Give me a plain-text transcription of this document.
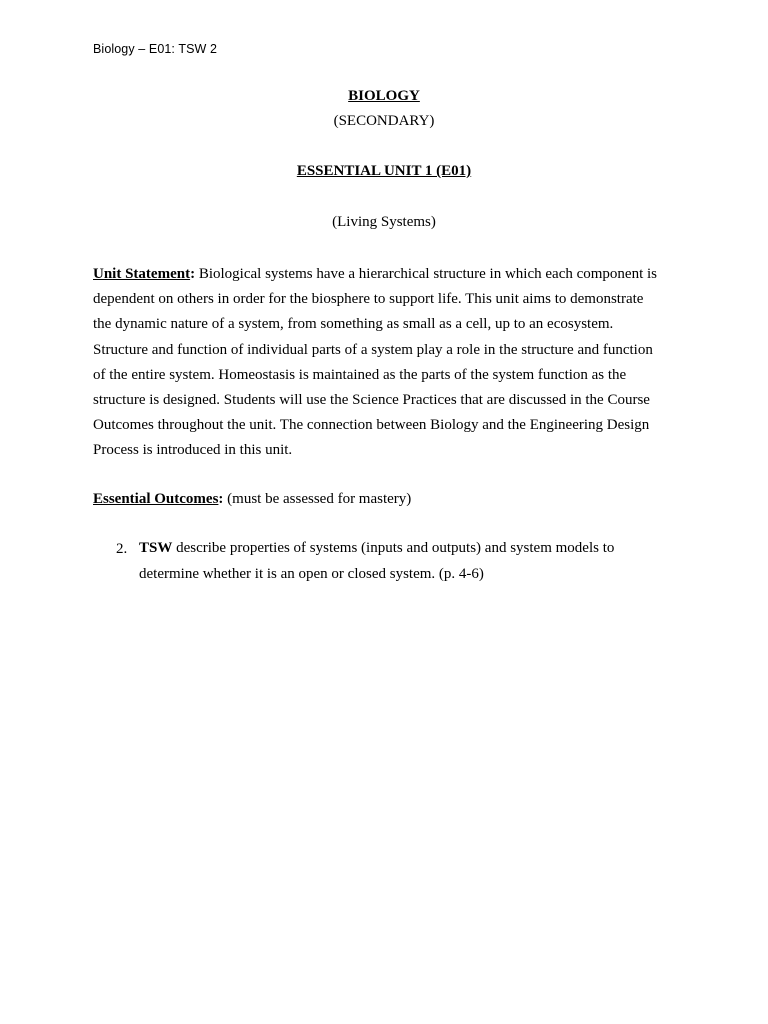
Biology – E01: TSW 2
BIOLOGY
(SECONDARY)
ESSENTIAL UNIT 1 (E01)
(Living Systems)
Unit Statement: Biological systems have a hierarchical structure in which each component is
dependent on others in order for the biosphere to support life. This unit aims to demonstrate
the dynamic nature of a system, from something as small as a cell, up to an ecosystem.
Structure and function of individual parts of a system play a role in the structure and function
of the entire system. Homeostasis is maintained as the parts of the system function as the
structure is designed. Students will use the Science Practices that are discussed in the Course
Outcomes throughout the unit. The connection between Biology and the Engineering Design
Process is introduced in this unit.
Essential Outcomes: (must be assessed for mastery)
2. TSW describe properties of systems (inputs and outputs) and system models to
determine whether it is an open or closed system. (p. 4-6)
